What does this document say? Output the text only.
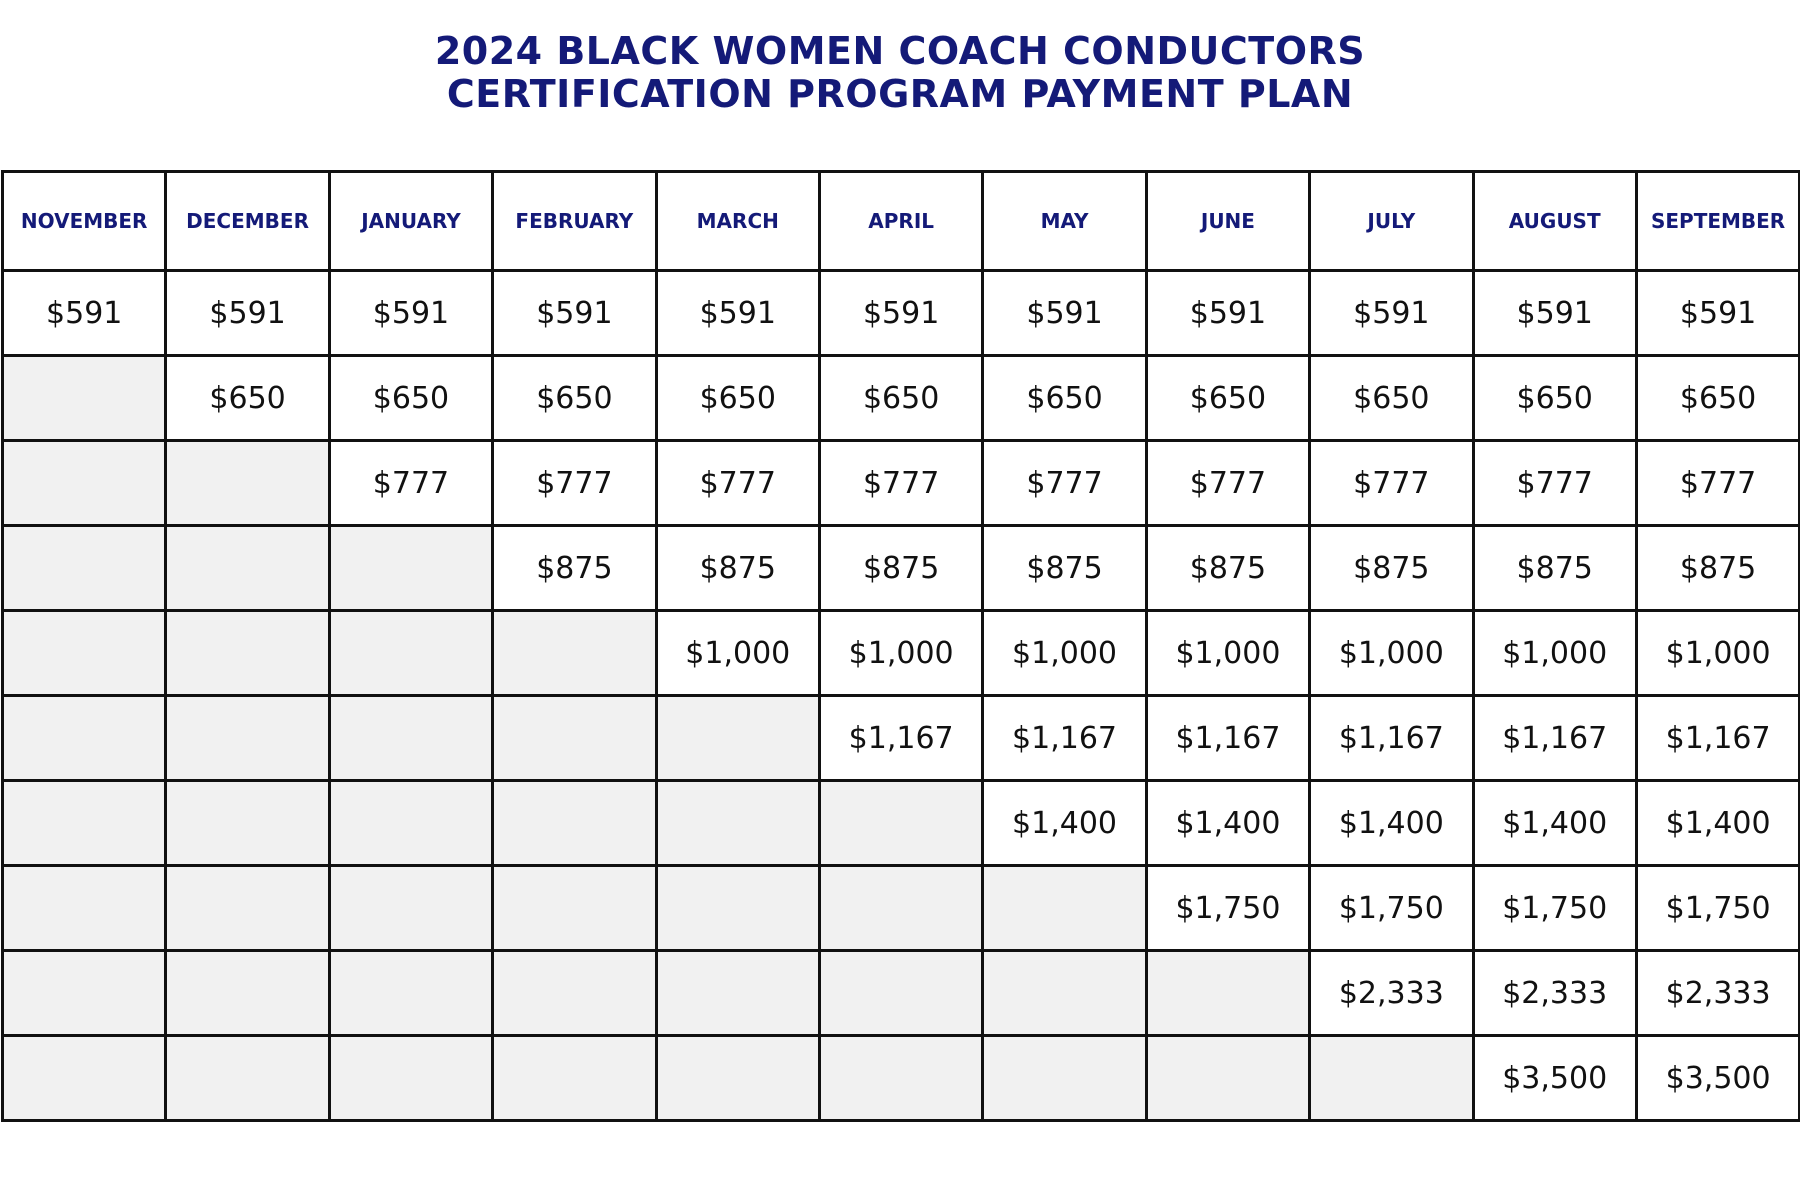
2024 BLACK WOMEN COACH CONDUCTORS
CERTIFICATION PROGRAM PAYMENT PLAN
NOVEMBER	DECEMBER	JANUARY	FEBRUARY	MARCH	APRIL	MAY	JUNE	JULY	AUGUST	SEPTEMBER
$591	$591	$591	$591	$591	$591	$591	$591	$591	$591	$591
	$650	$650	$650	$650	$650	$650	$650	$650	$650	$650
		$777	$777	$777	$777	$777	$777	$777	$777	$777
			$875	$875	$875	$875	$875	$875	$875	$875
				$1,000	$1,000	$1,000	$1,000	$1,000	$1,000	$1,000
					$1,167	$1,167	$1,167	$1,167	$1,167	$1,167
						$1,400	$1,400	$1,400	$1,400	$1,400
							$1,750	$1,750	$1,750	$1,750
								$2,333	$2,333	$2,333
									$3,500	$3,500
